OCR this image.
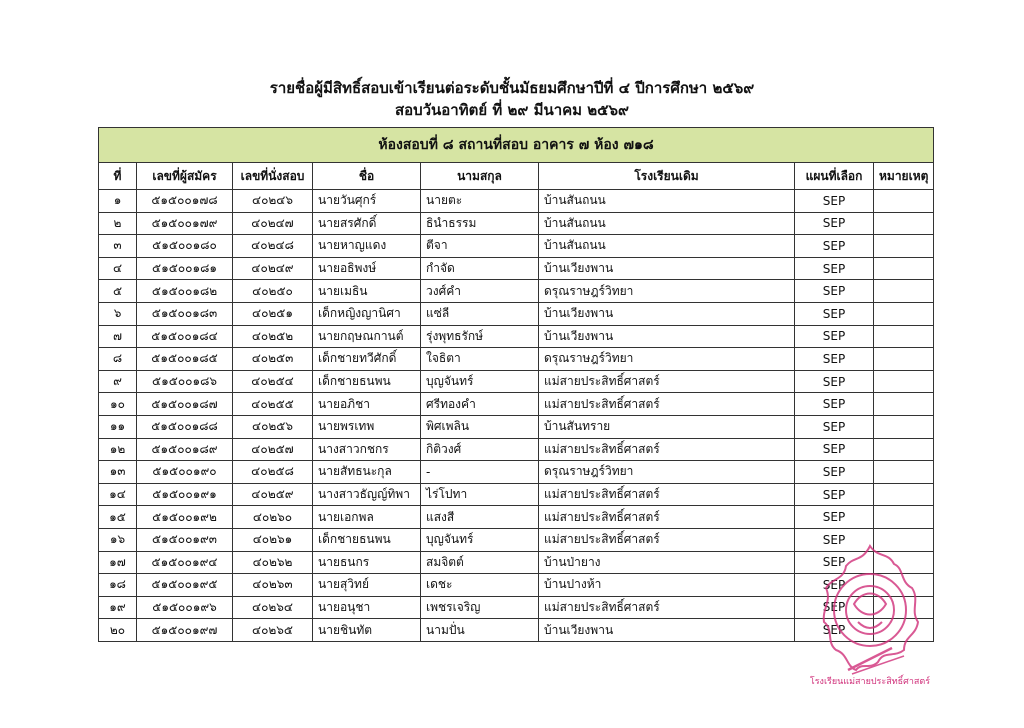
รายชื่อผู้มีสิทธิ์สอบเข้าเรียนต่อระดับชั้นมัธยมศึกษาปีที่ ๔ ปีการศึกษา ๒๕๖๙
สอบวันอาทิตย์ ที่ ๒๙ มีนาคม ๒๕๖๙
ห้องสอบที่ ๘ สถานที่สอบ อาคาร ๗ ห้อง ๗๑๘							
ที่	เลขที่ผู้สมัคร	เลขที่นั่งสอบ	ชื่อ	นามสกุล	โรงเรียนเดิม	แผนที่เลือก	หมายเหตุ
๑	๕๑๕๐๐๑๗๘	๔๐๒๔๖	นายวันศุกร์	นายตะ	บ้านสันถนน	SEP	
๒	๕๑๕๐๐๑๗๙	๔๐๒๔๗	นายสรศักดิ์	ธินำธรรม	บ้านสันถนน	SEP	
๓	๕๑๕๐๐๑๘๐	๔๐๒๔๘	นายหาญแดง	ตีจา	บ้านสันถนน	SEP	
๔	๕๑๕๐๐๑๘๑	๔๐๒๔๙	นายอธิพงษ์	กำจัด	บ้านเวียงพาน	SEP	
๕	๕๑๕๐๐๑๘๒	๔๐๒๕๐	นายเมธิน	วงศ์คำ	ดรุณราษฎร์วิทยา	SEP	
๖	๕๑๕๐๐๑๘๓	๔๐๒๕๑	เด็กหญิงญานิศา	แซ่ลี	บ้านเวียงพาน	SEP	
๗	๕๑๕๐๐๑๘๔	๔๐๒๕๒	นายกฤษณกานต์	รุ่งพุทธรักษ์	บ้านเวียงพาน	SEP	
๘	๕๑๕๐๐๑๘๕	๔๐๒๕๓	เด็กชายทวีศักดิ์	ใจธิตา	ดรุณราษฎร์วิทยา	SEP	
๙	๕๑๕๐๐๑๘๖	๔๐๒๕๔	เด็กชายธนพน	บุญจันทร์	แม่สายประสิทธิ์ศาสตร์	SEP	
๑๐	๕๑๕๐๐๑๘๗	๔๐๒๕๕	นายอภิชา	ศรีทองคำ	แม่สายประสิทธิ์ศาสตร์	SEP	
๑๑	๕๑๕๐๐๑๘๘	๔๐๒๕๖	นายพรเทพ	พิศเพลิน	บ้านสันทราย	SEP	
๑๒	๕๑๕๐๐๑๘๙	๔๐๒๕๗	นางสาวกชกร	กิติวงศ์	แม่สายประสิทธิ์ศาสตร์	SEP	
๑๓	๕๑๕๐๐๑๙๐	๔๐๒๕๘	นายสัทธนะกุล	-	ดรุณราษฎร์วิทยา	SEP	
๑๔	๕๑๕๐๐๑๙๑	๔๐๒๕๙	นางสาวธัญญ์ทิพา	ไร่โปทา	แม่สายประสิทธิ์ศาสตร์	SEP	
๑๕	๕๑๕๐๐๑๙๒	๔๐๒๖๐	นายเอกพล	แสงสี	แม่สายประสิทธิ์ศาสตร์	SEP	
๑๖	๕๑๕๐๐๑๙๓	๔๐๒๖๑	เด็กชายธนพน	บุญจันทร์	แม่สายประสิทธิ์ศาสตร์	SEP	
๑๗	๕๑๕๐๐๑๙๔	๔๐๒๖๒	นายธนกร	สมจิตต์	บ้านป่ายาง	SEP	
๑๘	๕๑๕๐๐๑๙๕	๔๐๒๖๓	นายสุวิทย์	เดชะ	บ้านปางห้า	SEP	
๑๙	๕๑๕๐๐๑๙๖	๔๐๒๖๔	นายอนุชา	เพชรเจริญ	แม่สายประสิทธิ์ศาสตร์	SEP	
๒๐	๕๑๕๐๐๑๙๗	๔๐๒๖๕	นายชินทัต	นามปั่น	บ้านเวียงพาน	SEP	
โรงเรียนแม่สายประสิทธิ์ศาสตร์
